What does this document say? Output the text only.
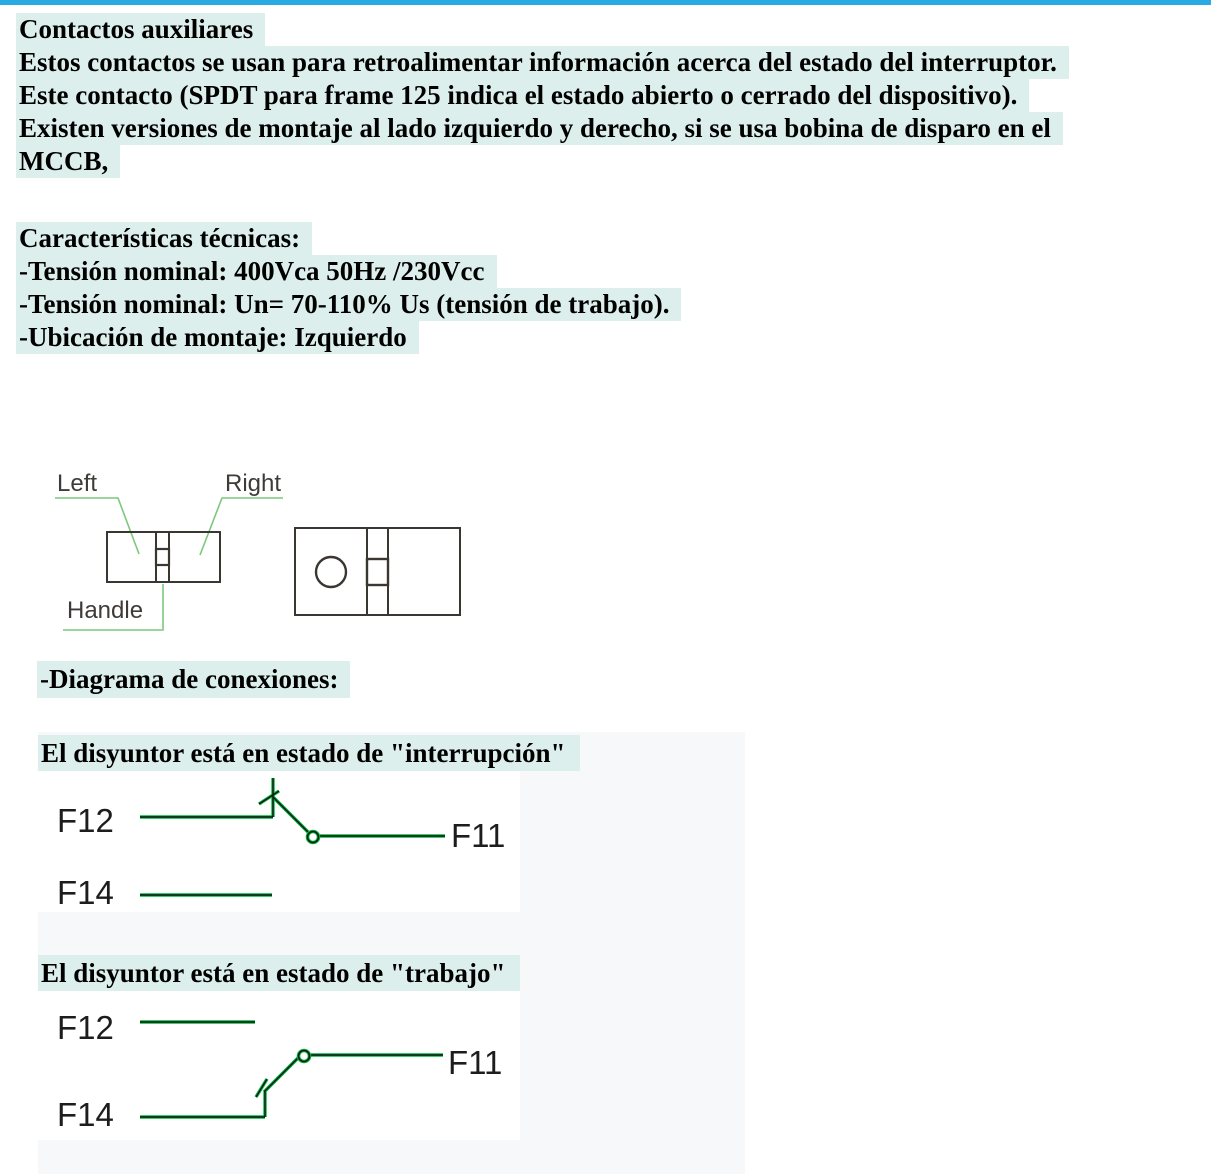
Contactos auxiliares
Estos contactos se usan para retroalimentar información acerca del estado del interruptor.
Este contacto (SPDT para frame 125 indica el estado abierto o cerrado del dispositivo).
Existen versiones de montaje al lado izquierdo y derecho, si se usa bobina de disparo en el
MCCB,
Características técnicas:
-Tensión nominal: 400Vca 50Hz /230Vcc
-Tensión nominal: Un= 70-110% Us (tensión de trabajo).
-Ubicación de montaje: Izquierdo
Left	Right
Handle
-Diagrama de conexiones:
El disyuntor está en estado de "interrupción"
F12	F11
F14
El disyuntor está en estado de "trabajo"
F12
F11
F14
